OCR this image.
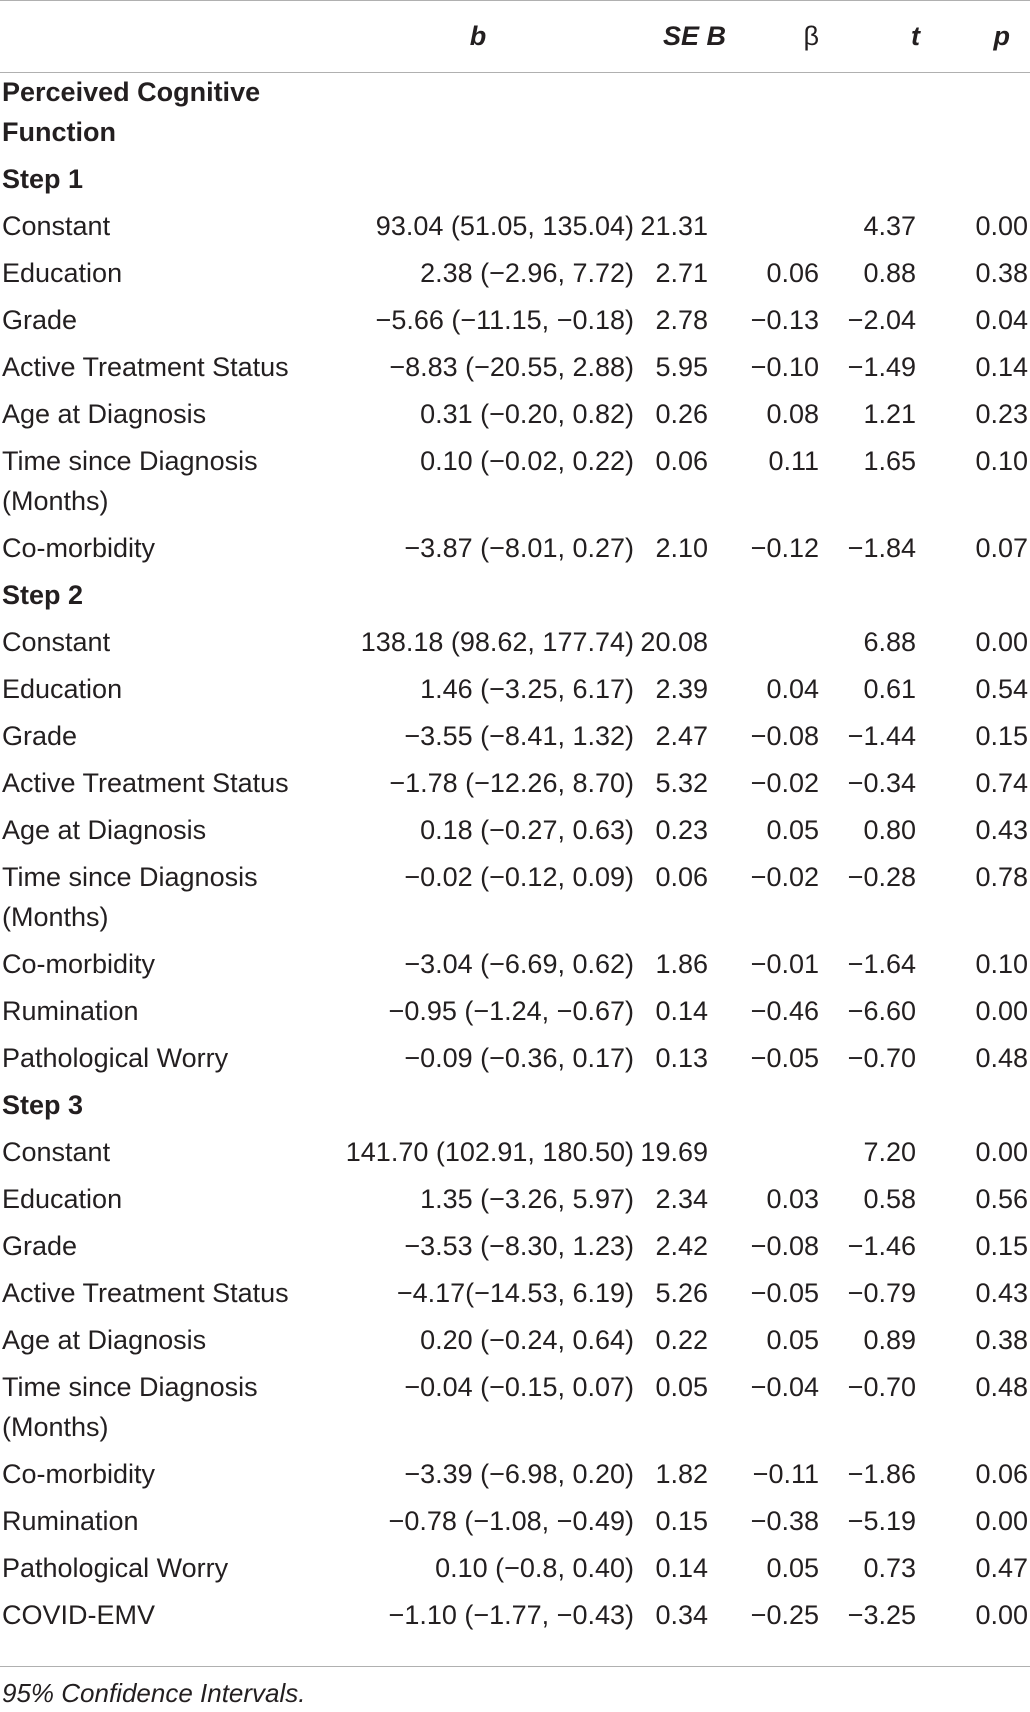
	b	SE B	β	t	p
Perceived Cognitive Function					
Step 1					
Constant	93.04 (51.05, 135.04)	21.31		4.37	0.00
Education	2.38 (−2.96, 7.72)	2.71	0.06	0.88	0.38
Grade	−5.66 (−11.15, −0.18)	2.78	−0.13	−2.04	0.04
Active Treatment Status	−8.83 (−20.55, 2.88)	5.95	−0.10	−1.49	0.14
Age at Diagnosis	0.31 (−0.20, 0.82)	0.26	0.08	1.21	0.23
Time since Diagnosis (Months)	0.10 (−0.02, 0.22)	0.06	0.11	1.65	0.10
Co-morbidity	−3.87 (−8.01, 0.27)	2.10	−0.12	−1.84	0.07
Step 2					
Constant	138.18 (98.62, 177.74)	20.08		6.88	0.00
Education	1.46 (−3.25, 6.17)	2.39	0.04	0.61	0.54
Grade	−3.55 (−8.41, 1.32)	2.47	−0.08	−1.44	0.15
Active Treatment Status	−1.78 (−12.26, 8.70)	5.32	−0.02	−0.34	0.74
Age at Diagnosis	0.18 (−0.27, 0.63)	0.23	0.05	0.80	0.43
Time since Diagnosis (Months)	−0.02 (−0.12, 0.09)	0.06	−0.02	−0.28	0.78
Co-morbidity	−3.04 (−6.69, 0.62)	1.86	−0.01	−1.64	0.10
Rumination	−0.95 (−1.24, −0.67)	0.14	−0.46	−6.60	0.00
Pathological Worry	−0.09 (−0.36, 0.17)	0.13	−0.05	−0.70	0.48
Step 3					
Constant	141.70 (102.91, 180.50)	19.69		7.20	0.00
Education	1.35 (−3.26, 5.97)	2.34	0.03	0.58	0.56
Grade	−3.53 (−8.30, 1.23)	2.42	−0.08	−1.46	0.15
Active Treatment Status	−4.17(−14.53, 6.19)	5.26	−0.05	−0.79	0.43
Age at Diagnosis	0.20 (−0.24, 0.64)	0.22	0.05	0.89	0.38
Time since Diagnosis (Months)	−0.04 (−0.15, 0.07)	0.05	−0.04	−0.70	0.48
Co-morbidity	−3.39 (−6.98, 0.20)	1.82	−0.11	−1.86	0.06
Rumination	−0.78 (−1.08, −0.49)	0.15	−0.38	−5.19	0.00
Pathological Worry	0.10 (−0.8, 0.40)	0.14	0.05	0.73	0.47
COVID-EMV	−1.10 (−1.77, −0.43)	0.34	−0.25	−3.25	0.00
95% Confidence Intervals.
